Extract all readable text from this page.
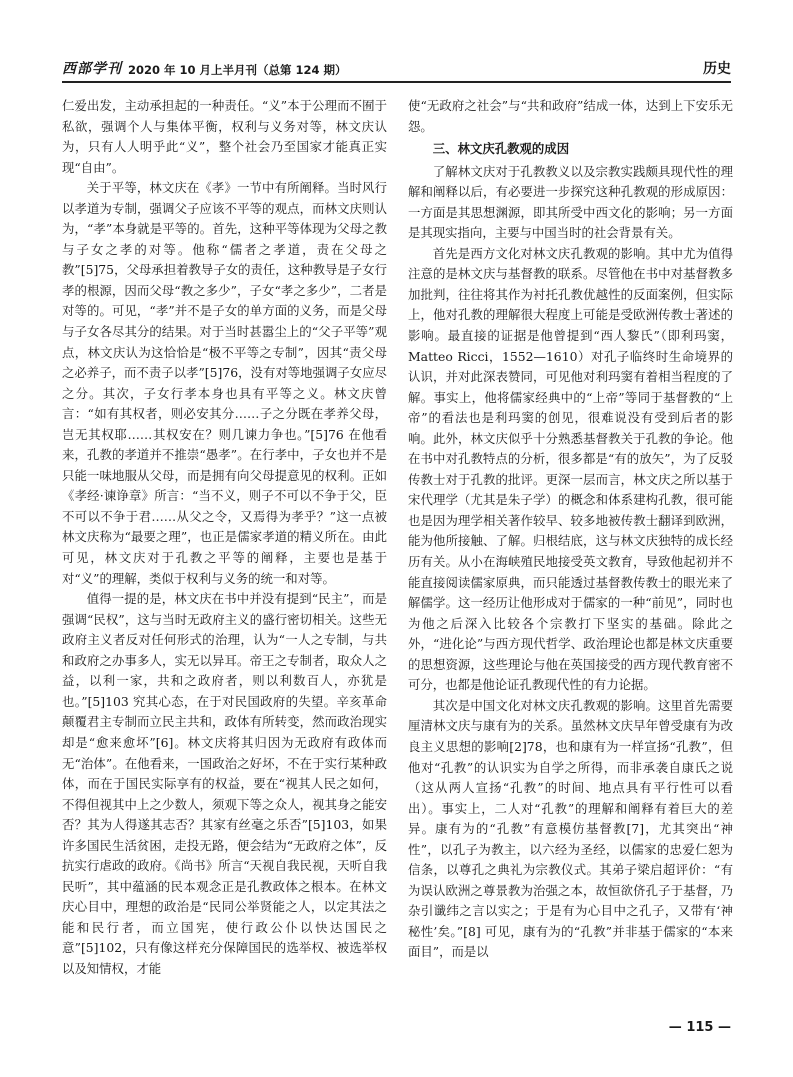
西部学刊 2020 年 10 月上半月刊（总第 124 期）	历史

仁爱出发，主动承担起的一种责任。“义”本于公理而不囿于私欲，强调个人与集体平衡，权利与义务对等，林文庆认为，只有人人明乎此“义”，整个社会乃至国家才能真正实现“自由”。

关于平等，林文庆在《孝》一节中有所阐释。当时风行以孝道为专制，强调父子应该不平等的观点，而林文庆则认为，“孝”本身就是平等的。首先，这种平等体现为父母之教与子女之孝的对等。他称“儒者之孝道，责在父母之教”[5]75，父母承担着教导子女的责任，这种教导是子女行孝的根源，因而父母“教之多少”，子女“孝之多少”，二者是对等的。可见，“孝”并不是子女的单方面的义务，而是父母与子女各尽其分的结果。对于当时甚嚣尘上的“父子平等”观点，林文庆认为这恰恰是“极不平等之专制”，因其“责父母之必养子，而不责子以孝”[5]76，没有对等地强调子女应尽之分。其次，子女行孝本身也具有平等之义。林文庆曾言：“如有其权者，则必安其分……子之分既在孝养父母，岂无其权耶……其权安在？则几谏力争也。”[5]76 在他看来，孔教的孝道并不推崇“愚孝”。在行孝中，子女也并不是只能一味地服从父母，而是拥有向父母提意见的权利。正如《孝经·谏诤章》所言：“当不义，则子不可以不争于父，臣不可以不争于君……从父之令，又焉得为孝乎？”这一点被林文庆称为“最要之理”，也正是儒家孝道的精义所在。由此可见，林文庆对于孔教之平等的阐释，主要也是基于对“义”的理解，类似于权利与义务的统一和对等。

值得一提的是，林文庆在书中并没有提到“民主”，而是强调“民权”，这与当时无政府主义的盛行密切相关。这些无政府主义者反对任何形式的治理，认为“一人之专制，与共和政府之办事多人，实无以异耳。帝王之专制者，取众人之益，以利一家，共和之政府者，则以利数百人，亦犹是也。”[5]103 究其心态，在于对民国政府的失望。辛亥革命颠覆君主专制而立民主共和，政体有所转变，然而政治现实却是“愈来愈坏”[6]。林文庆将其归因为无政府有政体而无“治体”。在他看来，一国政治之好坏，不在于实行某种政体，而在于国民实际享有的权益，要在“视其人民之如何，不得但视其中上之少数人，须观下等之众人，视其身之能安否？其为人得遂其志否？其家有丝毫之乐否”[5]103，如果许多国民生活贫困，走投无路，便会结为“无政府之体”，反抗实行虐政的政府。《尚书》所言“天视自我民视，天听自我民听”，其中蕴涵的民本观念正是孔教政体之根本。在林文庆心目中，理想的政治是“民同公举贤能之人，以定其法之能和民行者，而立国宪，使行政公仆以快达国民之意”[5]102，只有像这样充分保障国民的选举权、被选举权以及知情权，才能

使“无政府之社会”与“共和政府”结成一体，达到上下安乐无怨。

三、林文庆孔教观的成因

了解林文庆对于孔教教义以及宗教实践颇具现代性的理解和阐释以后，有必要进一步探究这种孔教观的形成原因：一方面是其思想渊源，即其所受中西文化的影响；另一方面是其现实指向，主要与中国当时的社会背景有关。

首先是西方文化对林文庆孔教观的影响。其中尤为值得注意的是林文庆与基督教的联系。尽管他在书中对基督教多加批判，往往将其作为衬托孔教优越性的反面案例，但实际上，他对孔教的理解很大程度上可能是受欧洲传教士著述的影响。最直接的证据是他曾提到“西人黎氏”（即利玛窦，Matteo Ricci，1552—1610）对孔子临终时生命境界的认识，并对此深表赞同，可见他对利玛窦有着相当程度的了解。事实上，他将儒家经典中的“上帝”等同于基督教的“上帝”的看法也是利玛窦的创见，很难说没有受到后者的影响。此外，林文庆似乎十分熟悉基督教关于孔教的争论。他在书中对孔教特点的分析，很多都是“有的放矢”，为了反驳传教士对于孔教的批评。更深一层而言，林文庆之所以基于宋代理学（尤其是朱子学）的概念和体系建构孔教，很可能也是因为理学相关著作较早、较多地被传教士翻译到欧洲，能为他所接触、了解。归根结底，这与林文庆独特的成长经历有关。从小在海峡殖民地接受英文教育，导致他起初并不能直接阅读儒家原典，而只能透过基督教传教士的眼光来了解儒学。这一经历让他形成对于儒家的一种“前见”，同时也为他之后深入比较各个宗教打下坚实的基础。除此之外，“进化论”与西方现代哲学、政治理论也都是林文庆重要的思想资源，这些理论与他在英国接受的西方现代教育密不可分，也都是他论证孔教现代性的有力论据。

其次是中国文化对林文庆孔教观的影响。这里首先需要厘清林文庆与康有为的关系。虽然林文庆早年曾受康有为改良主义思想的影响[2]78，也和康有为一样宣扬“孔教”，但他对“孔教”的认识实为自学之所得，而非承袭自康氏之说（这从两人宣扬“孔教”的时间、地点具有平行性可以看出）。事实上，二人对“孔教”的理解和阐释有着巨大的差异。康有为的“孔教”有意模仿基督教[7]，尤其突出“神性”，以孔子为教主，以六经为圣经，以儒家的忠爱仁恕为信条，以尊孔之典礼为宗教仪式。其弟子梁启超评价：“有为误认欧洲之尊景教为治强之本，故恒欲侪孔子于基督，乃杂引谶纬之言以实之；于是有为心目中之孔子，又带有‘神秘性’矣。”[8] 可见，康有为的“孔教”并非基于儒家的“本来面目”，而是以

— 115 —
